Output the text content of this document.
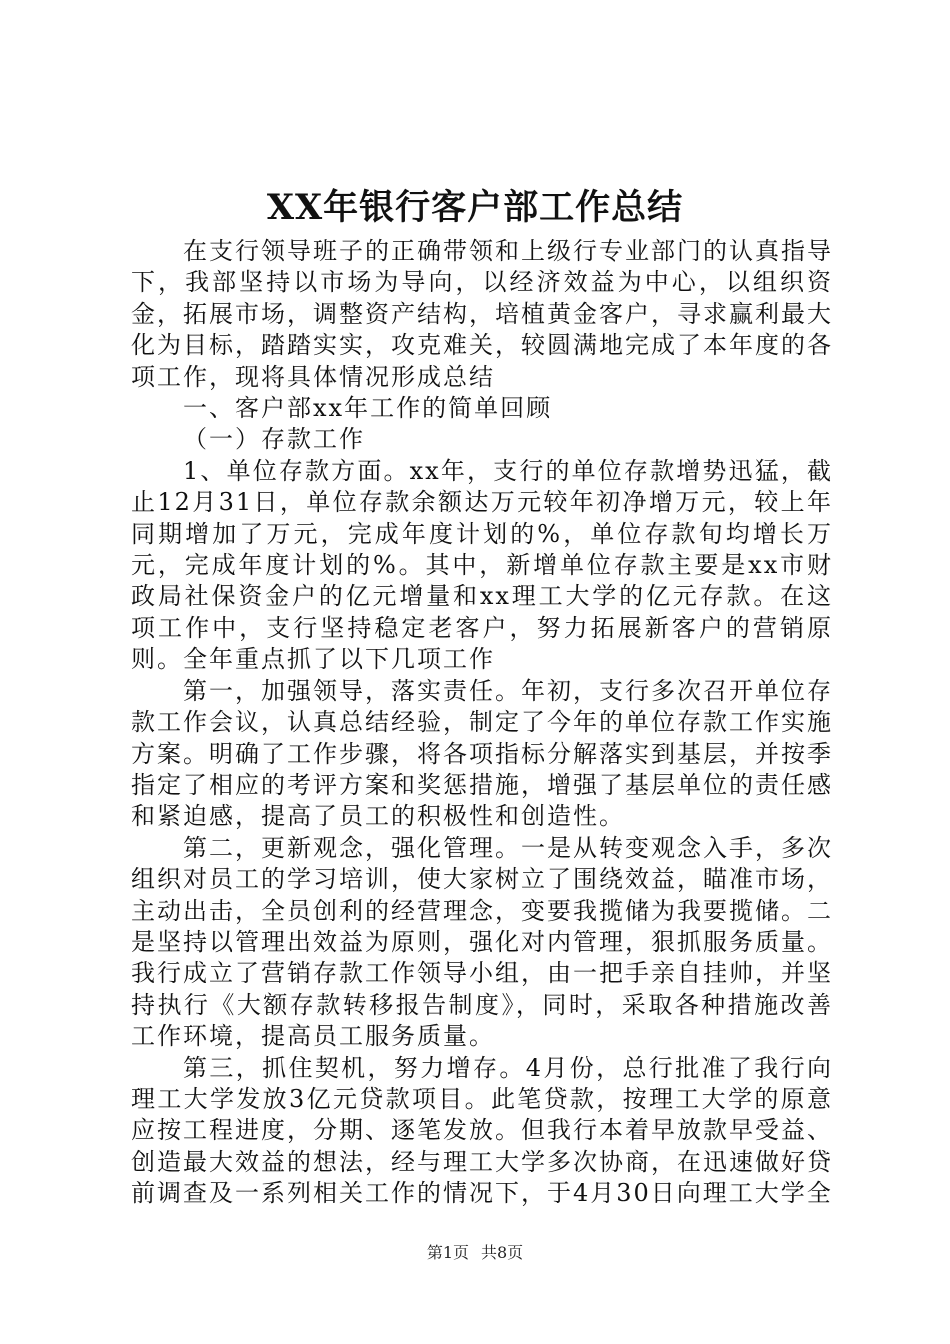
XX年银行客户部工作总结

在支行领导班子的正确带领和上级行专业部门的认真指导下，我部坚持以市场为导向，以经济效益为中心，以组织资金，拓展市场，调整资产结构，培植黄金客户，寻求赢利最大化为目标，踏踏实实，攻克难关，较圆满地完成了本年度的各项工作，现将具体情况形成总结

一、客户部xx年工作的简单回顾

（一）存款工作

1、单位存款方面。xx年，支行的单位存款增势迅猛，截止12月31日，单位存款余额达万元较年初净增万元，较上年同期增加了万元，完成年度计划的%，单位存款旬均增长万元，完成年度计划的%。其中，新增单位存款主要是xx市财政局社保资金户的亿元增量和xx理工大学的亿元存款。在这项工作中，支行坚持稳定老客户，努力拓展新客户的营销原则。全年重点抓了以下几项工作

第一，加强领导，落实责任。年初，支行多次召开单位存款工作会议，认真总结经验，制定了今年的单位存款工作实施方案。明确了工作步骤，将各项指标分解落实到基层，并按季指定了相应的考评方案和奖惩措施，增强了基层单位的责任感和紧迫感，提高了员工的积极性和创造性。

第二，更新观念，强化管理。一是从转变观念入手，多次组织对员工的学习培训，使大家树立了围绕效益，瞄准市场，主动出击，全员创利的经营理念，变要我揽储为我要揽储。二是坚持以管理出效益为原则，强化对内管理，狠抓服务质量。我行成立了营销存款工作领导小组，由一把手亲自挂帅，并坚持执行《大额存款转移报告制度》，同时，采取各种措施改善工作环境，提高员工服务质量。

第三，抓住契机，努力增存。4月份，总行批准了我行向理工大学发放3亿元贷款项目。此笔贷款，按理工大学的原意应按工程进度，分期、逐笔发放。但我行本着早放款早受益、创造最大效益的想法，经与理工大学多次协商，在迅速做好贷前调查及一系列相关工作的情况下，于4月30日向理工大学全

第1页 共8页
